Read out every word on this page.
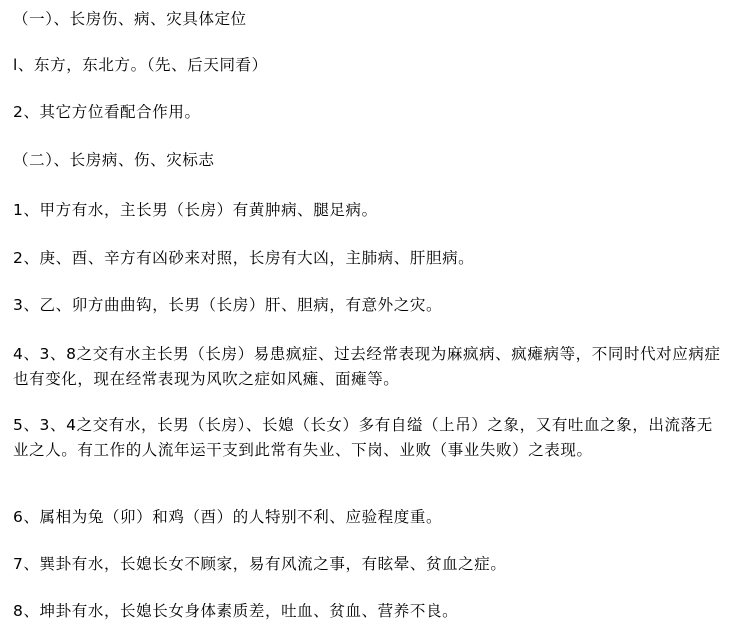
（一）、长房伤、病、灾具体定位

l、东方，东北方。（先、后天同看）

2、其它方位看配合作用。

（二）、长房病、伤、灾标志

1、甲方有水，主长男（长房）有黄肿病、腿足病。

2、庚、酉、辛方有凶砂来对照，长房有大凶，主肺病、肝胆病。

3、乙、卯方曲曲钩，长男（长房）肝、胆病，有意外之灾。

4、3、8之交有水主长男（长房）易患疯症、过去经常表现为麻疯病、疯瘫病等，不同时代对应病症也有变化，现在经常表现为风吹之症如风瘫、面瘫等。

5、3、4之交有水，长男（长房）、长媳（长女）多有自缢（上吊）之象，又有吐血之象，出流落无业之人。有工作的人流年运干支到此常有失业、下岗、业败（事业失败）之表现。

6、属相为兔（卯）和鸡（酉）的人特别不利、应验程度重。

7、巽卦有水，长媳长女不顾家，易有风流之事，有眩晕、贫血之症。

8、坤卦有水，长媳长女身体素质差，吐血、贫血、营养不良。
